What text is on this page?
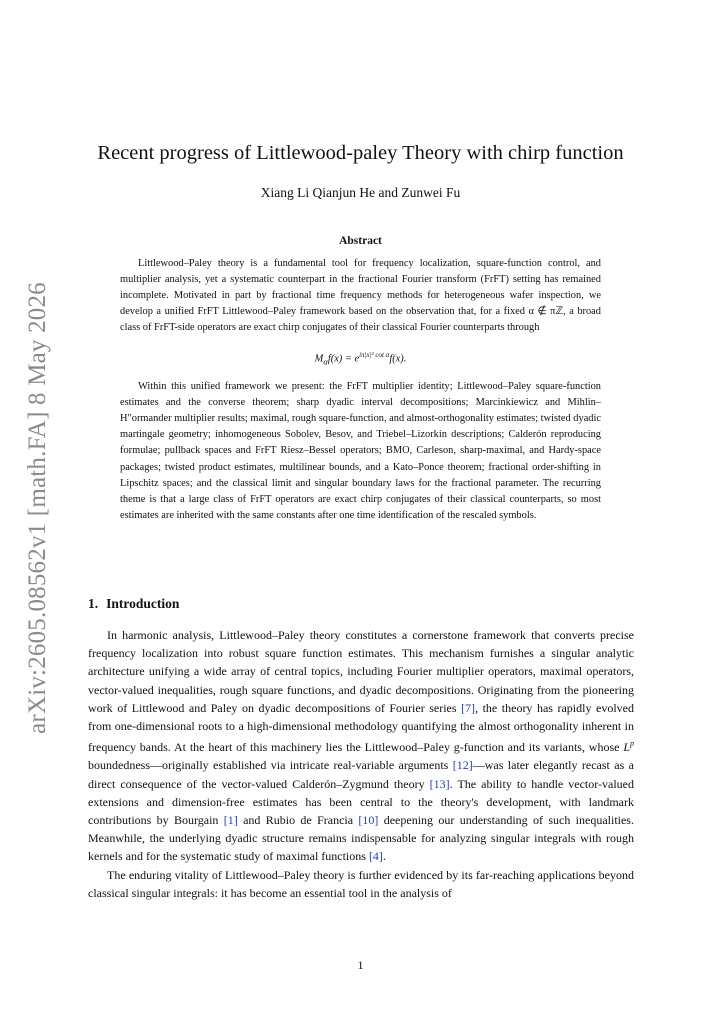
arXiv:2605.08562v1 [math.FA] 8 May 2026
Recent progress of Littlewood-paley Theory with chirp function
Xiang Li Qianjun He and Zunwei Fu
Abstract

Littlewood–Paley theory is a fundamental tool for frequency localization, square-function control, and multiplier analysis, yet a systematic counterpart in the fractional Fourier transform (FrFT) setting has remained incomplete. Motivated in part by fractional time frequency methods for heterogeneous wafer inspection, we develop a unified FrFT Littlewood–Paley framework based on the observation that, for a fixed α ∉ πℤ, a broad class of FrFT-side operators are exact chirp conjugates of their classical Fourier counterparts through

$M_\alpha f(x) = e^{i\pi|x|^2 cot \alpha}f(x)$.

Within this unified framework we present: the FrFT multiplier identity; Littlewood–Paley square-function estimates and the converse theorem; sharp dyadic interval decompositions; Marcinkiewicz and Mihlin–H"ormander multiplier results; maximal, rough square-function, and almost-orthogonality estimates; twisted dyadic martingale geometry; inhomogeneous Sobolev, Besov, and Triebel–Lizorkin descriptions; Calderón reproducing formulae; pullback spaces and FrFT Riesz–Bessel operators; BMO, Carleson, sharp-maximal, and Hardy-space packages; twisted product estimates, multilinear bounds, and a Kato–Ponce theorem; fractional order-shifting in Lipschitz spaces; and the classical limit and singular boundary laws for the fractional parameter. The recurring theme is that a large class of FrFT operators are exact chirp conjugates of their classical counterparts, so most estimates are inherited with the same constants after one time identification of the rescaled symbols.

1. Introduction

In harmonic analysis, Littlewood–Paley theory constitutes a cornerstone framework that converts precise frequency localization into robust square function estimates. This mechanism furnishes a singular analytic architecture unifying a wide array of central topics, including Fourier multiplier operators, maximal operators, vector-valued inequalities, rough square functions, and dyadic decompositions. Originating from the pioneering work of Littlewood and Paley on dyadic decompositions of Fourier series [7], the theory has rapidly evolved from one-dimensional roots to a high-dimensional methodology quantifying the almost orthogonality inherent in frequency bands. At the heart of this machinery lies the Littlewood–Paley g-function and its variants, whose $L^p$ boundedness—originally established via intricate real-variable arguments [12]—was later elegantly recast as a direct consequence of the vector-valued Calderón–Zygmund theory [13]. The ability to handle vector-valued extensions and dimension-free estimates has been central to the theory's development, with landmark contributions by Bourgain [1] and Rubio de Francia [10] deepening our understanding of such inequalities. Meanwhile, the underlying dyadic structure remains indispensable for analyzing singular integrals with rough kernels and for the systematic study of maximal functions [4].

The enduring vitality of Littlewood–Paley theory is further evidenced by its far-reaching applications beyond classical singular integrals: it has become an essential tool in the analysis of

1
